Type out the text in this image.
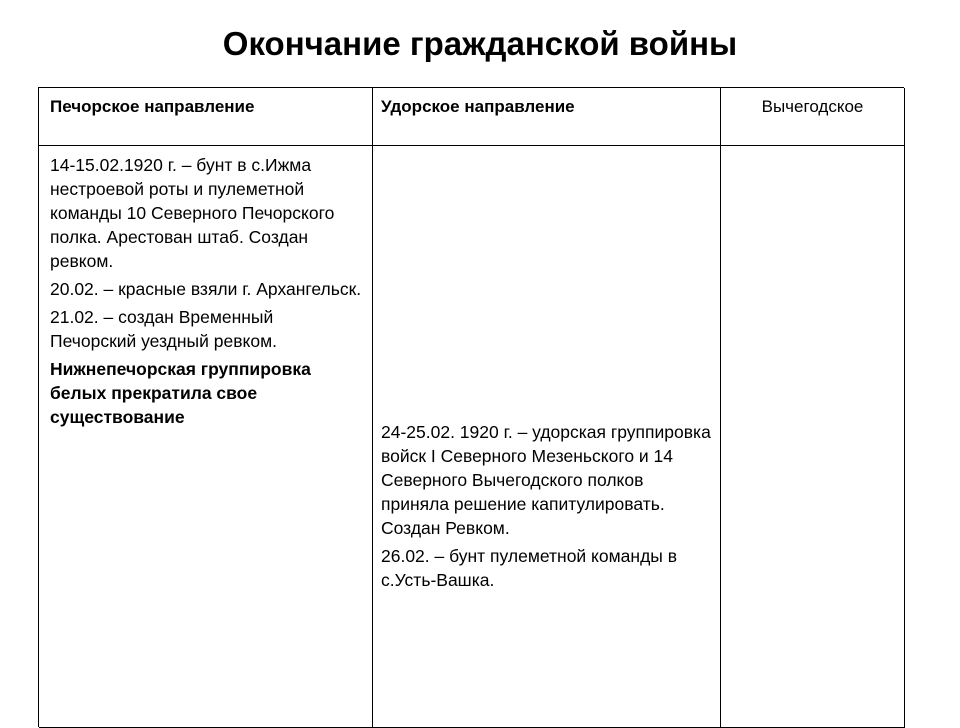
Окончание гражданской войны
Печорское направление	Удорское направление	Вычегодское

14-15.02.1920 г. – бунт в с.Ижма нестроевой роты и пулеметной команды 10 Северного Печорского полка. Арестован штаб. Создан ревком.

20.02. – красные взяли г. Архангельск.

21.02. – создан Временный Печорский уездный ревком.

Нижнепечорская группировка белых прекратила свое существование

24-25.02. 1920 г. – удорская группировка войск I Северного Мезеньского и 14 Северного Вычегодского полков приняла решение капитулировать. Создан Ревком.

26.02. – бунт пулеметной команды в с.Усть-Вашка.
